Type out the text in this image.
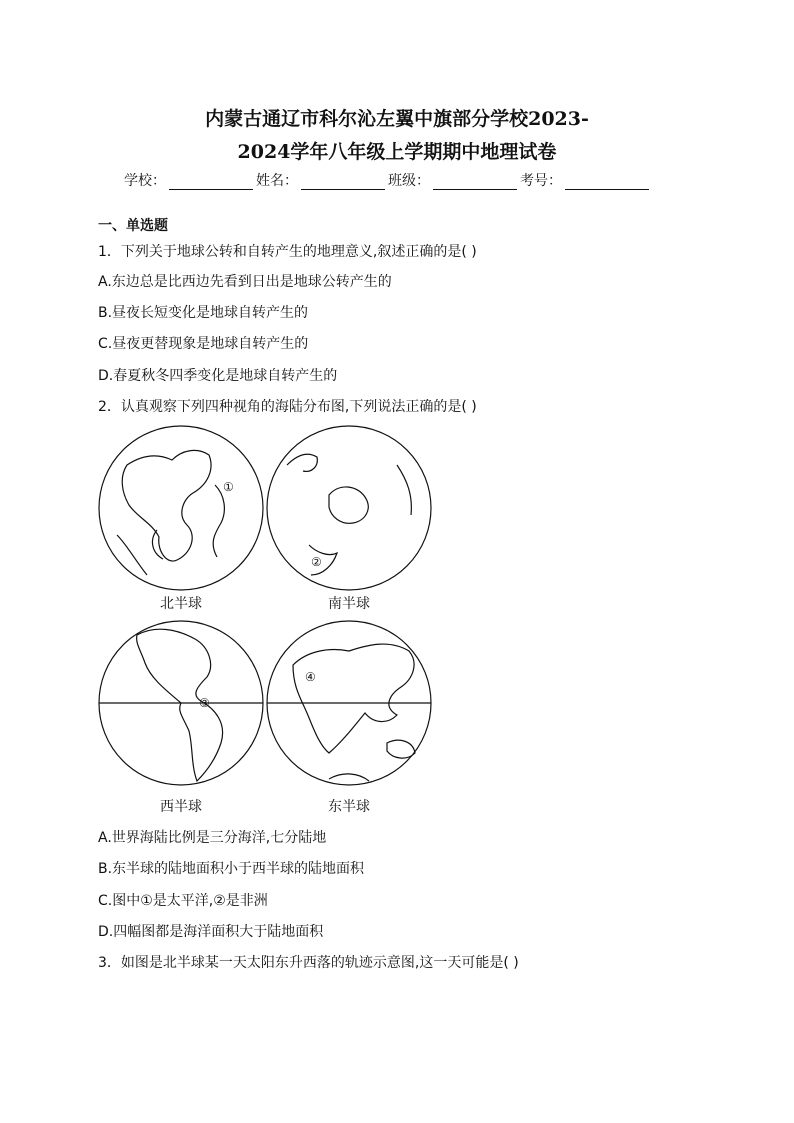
内蒙古通辽市科尔沁左翼中旗部分学校2023-
2024学年八年级上学期期中地理试卷
学校：	姓名：	班级：	考号：
一、单选题
1．下列关于地球公转和自转产生的地理意义,叙述正确的是( )
A.东边总是比西边先看到日出是地球公转产生的
B.昼夜长短变化是地球自转产生的
C.昼夜更替现象是地球自转产生的
D.春夏秋冬四季变化是地球自转产生的
2．认真观察下列四种视角的海陆分布图,下列说法正确的是( )
①
②
③
④
北半球	南半球
西半球	东半球
A.世界海陆比例是三分海洋,七分陆地
B.东半球的陆地面积小于西半球的陆地面积
C.图中①是太平洋,②是非洲
D.四幅图都是海洋面积大于陆地面积
3．如图是北半球某一天太阳东升西落的轨迹示意图,这一天可能是( )
